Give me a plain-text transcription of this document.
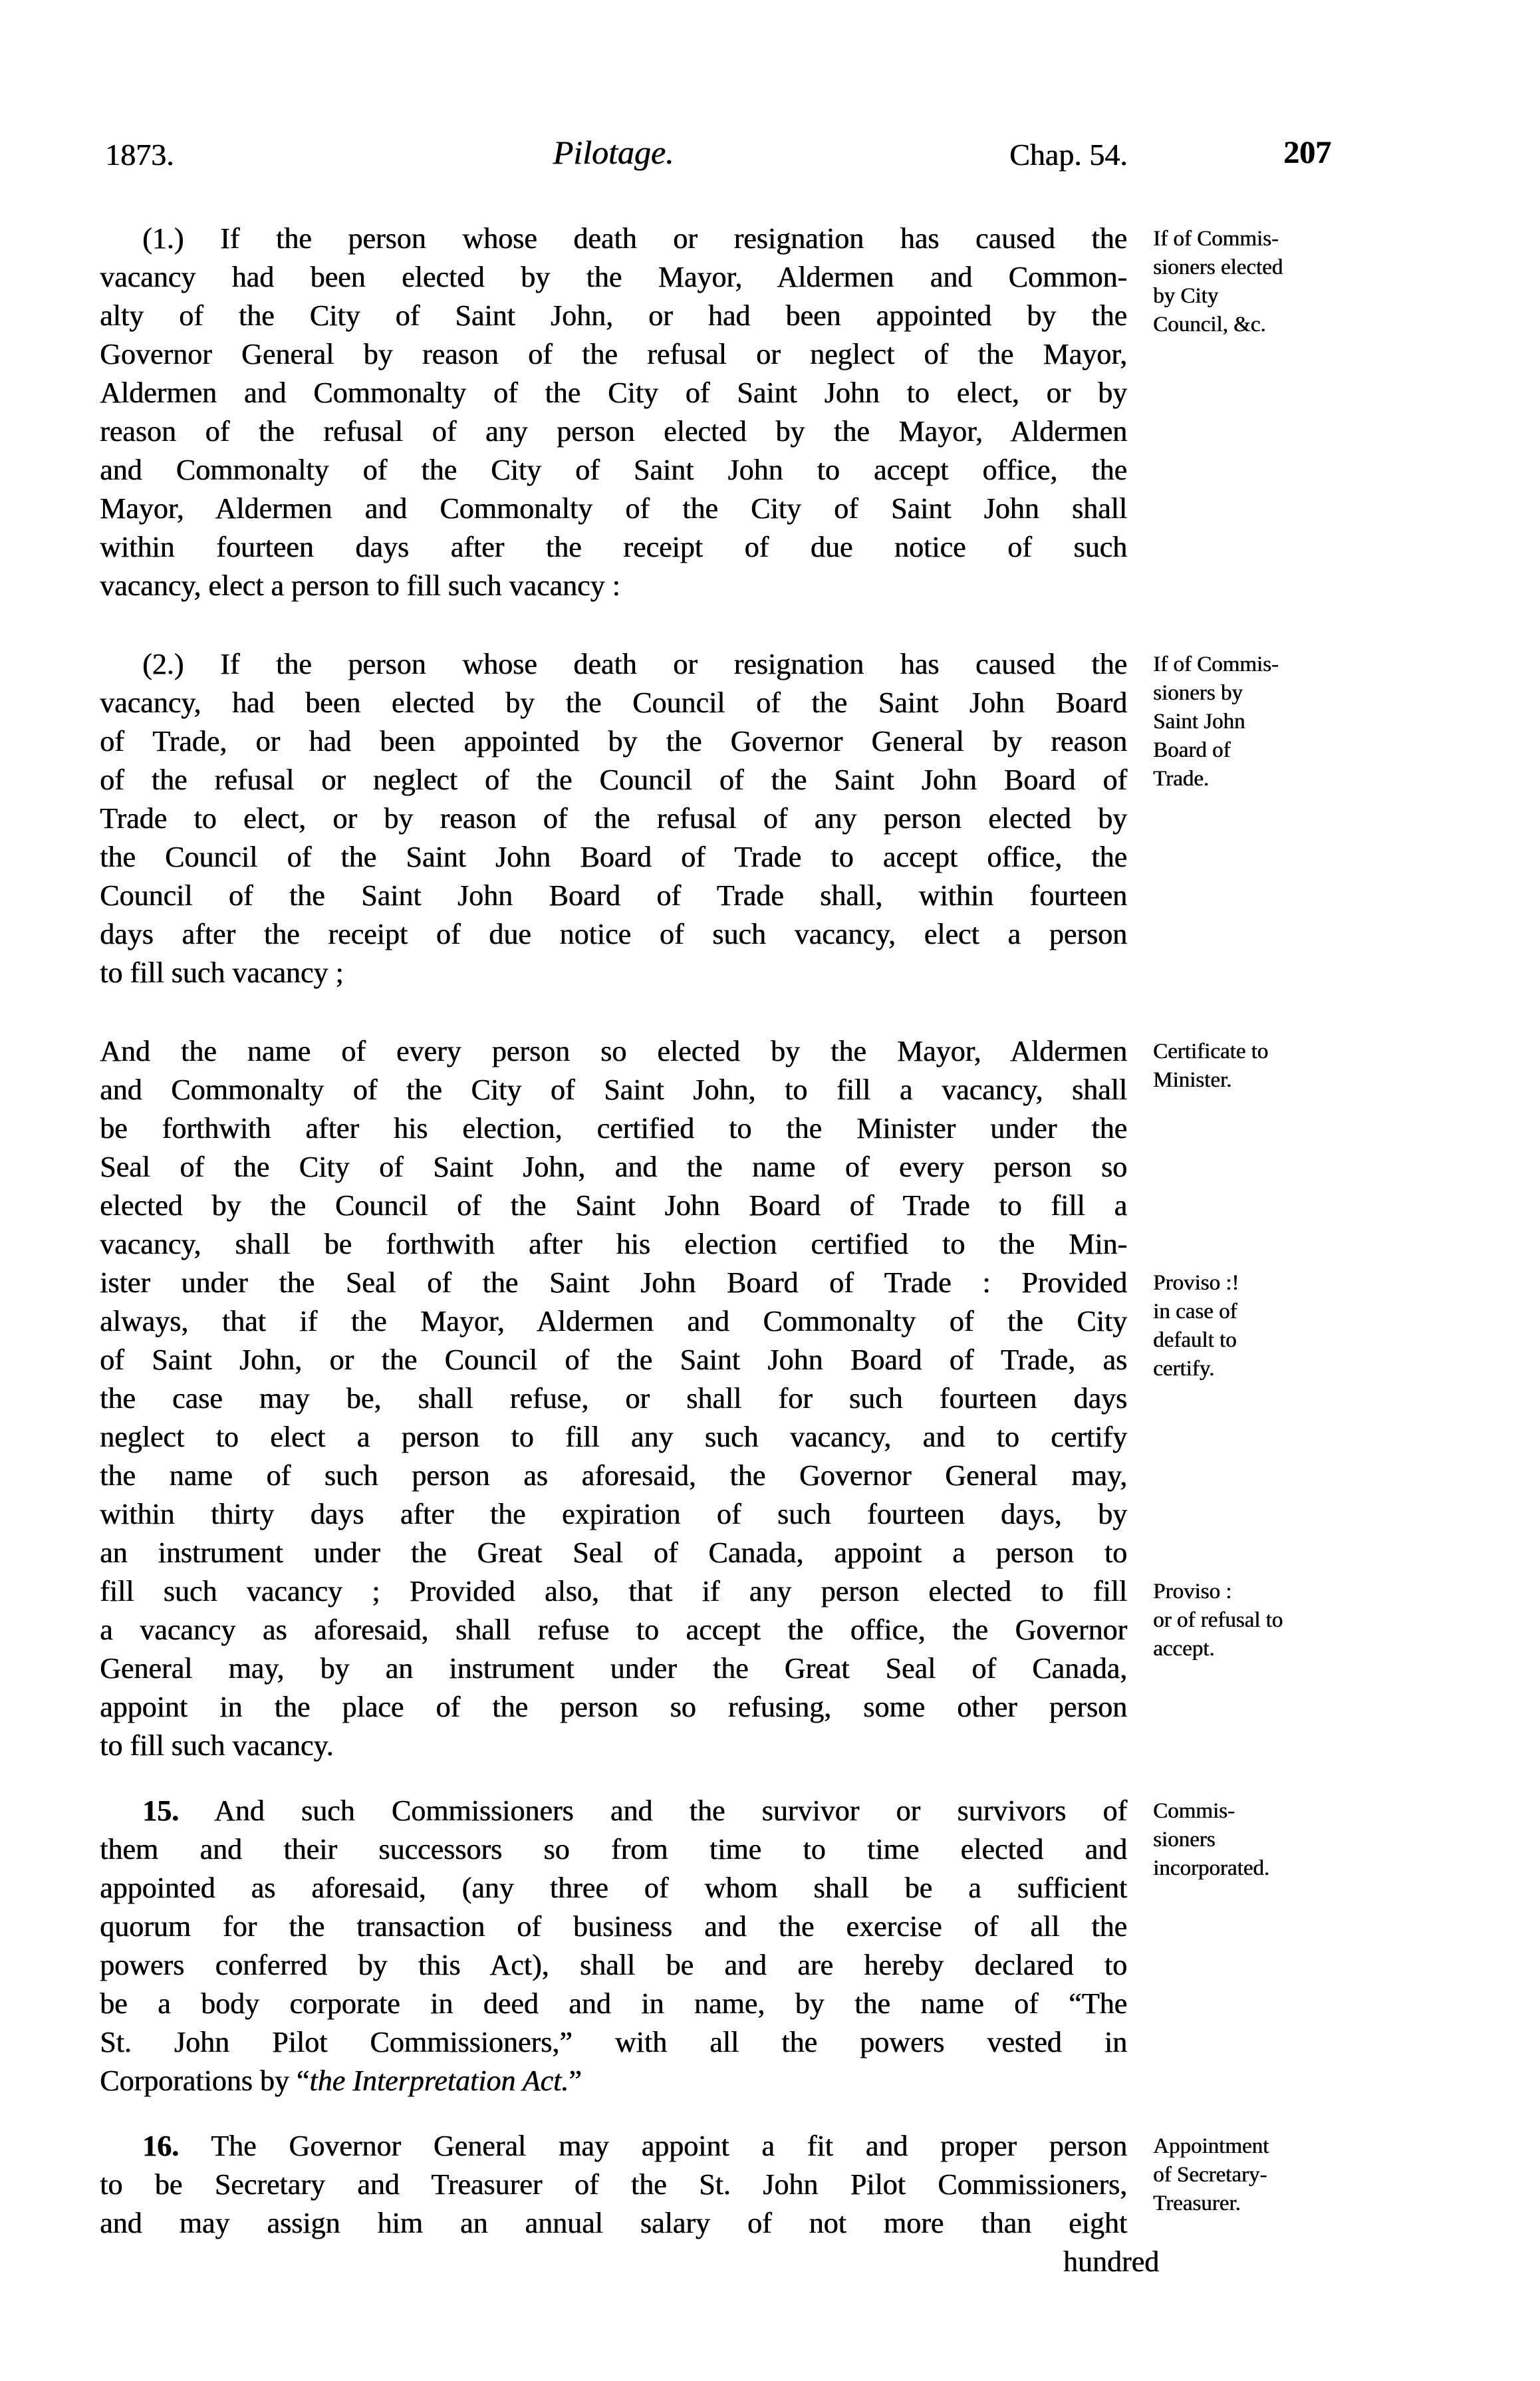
1873.	Pilotage.	Chap. 54.	207
(1.) If the person whose death or resignation has caused the
vacancy had been elected by the Mayor, Aldermen and Common-
alty of the City of Saint John, or had been appointed by the
Governor General by reason of the refusal or neglect of the Mayor,
Aldermen and Commonalty of the City of Saint John to elect, or by
reason of the refusal of any person elected by the Mayor, Aldermen
and Commonalty of the City of Saint John to accept office, the
Mayor, Aldermen and Commonalty of the City of Saint John shall
within fourteen days after the receipt of due notice of such
vacancy, elect a person to fill such vacancy :
(2.) If the person whose death or resignation has caused the
vacancy, had been elected by the Council of the Saint John Board
of Trade, or had been appointed by the Governor General by reason
of the refusal or neglect of the Council of the Saint John Board of
Trade to elect, or by reason of the refusal of any person elected by
the Council of the Saint John Board of Trade to accept office, the
Council of the Saint John Board of Trade shall, within fourteen
days after the receipt of due notice of such vacancy, elect a person
to fill such vacancy ;
And the name of every person so elected by the Mayor, Aldermen
and Commonalty of the City of Saint John, to fill a vacancy, shall
be forthwith after his election, certified to the Minister under the
Seal of the City of Saint John, and the name of every person so
elected by the Council of the Saint John Board of Trade to fill a
vacancy, shall be forthwith after his election certified to the Min-
ister under the Seal of the Saint John Board of Trade : Provided
always, that if the Mayor, Aldermen and Commonalty of the City
of Saint John, or the Council of the Saint John Board of Trade, as
the case may be, shall refuse, or shall for such fourteen days
neglect to elect a person to fill any such vacancy, and to certify
the name of such person as aforesaid, the Governor General may,
within thirty days after the expiration of such fourteen days, by
an instrument under the Great Seal of Canada, appoint a person to
fill such vacancy ; Provided also, that if any person elected to fill
a vacancy as aforesaid, shall refuse to accept the office, the Governor
General may, by an instrument under the Great Seal of Canada,
appoint in the place of the person so refusing, some other person
to fill such vacancy.
15. And such Commissioners and the survivor or survivors of
them and their successors so from time to time elected and
appointed as aforesaid, (any three of whom shall be a sufficient
quorum for the transaction of business and the exercise of all the
powers conferred by this Act), shall be and are hereby declared to
be a body corporate in deed and in name, by the name of “The
St. John Pilot Commissioners,” with all the powers vested in
Corporations by “the Interpretation Act.”
16. The Governor General may appoint a fit and proper person
to be Secretary and Treasurer of the St. John Pilot Commissioners,
and may assign him an annual salary of not more than eight
hundred
If of Commis-
sioners elected
by City
Council, &c.
If of Commis-
sioners by
Saint John
Board of
Trade.
Certificate to
Minister.
Proviso :!
in case of
default to
certify.
Proviso :
or of refusal to
accept.
Commis-
sioners
incorporated.
Appointment
of Secretary-
Treasurer.
